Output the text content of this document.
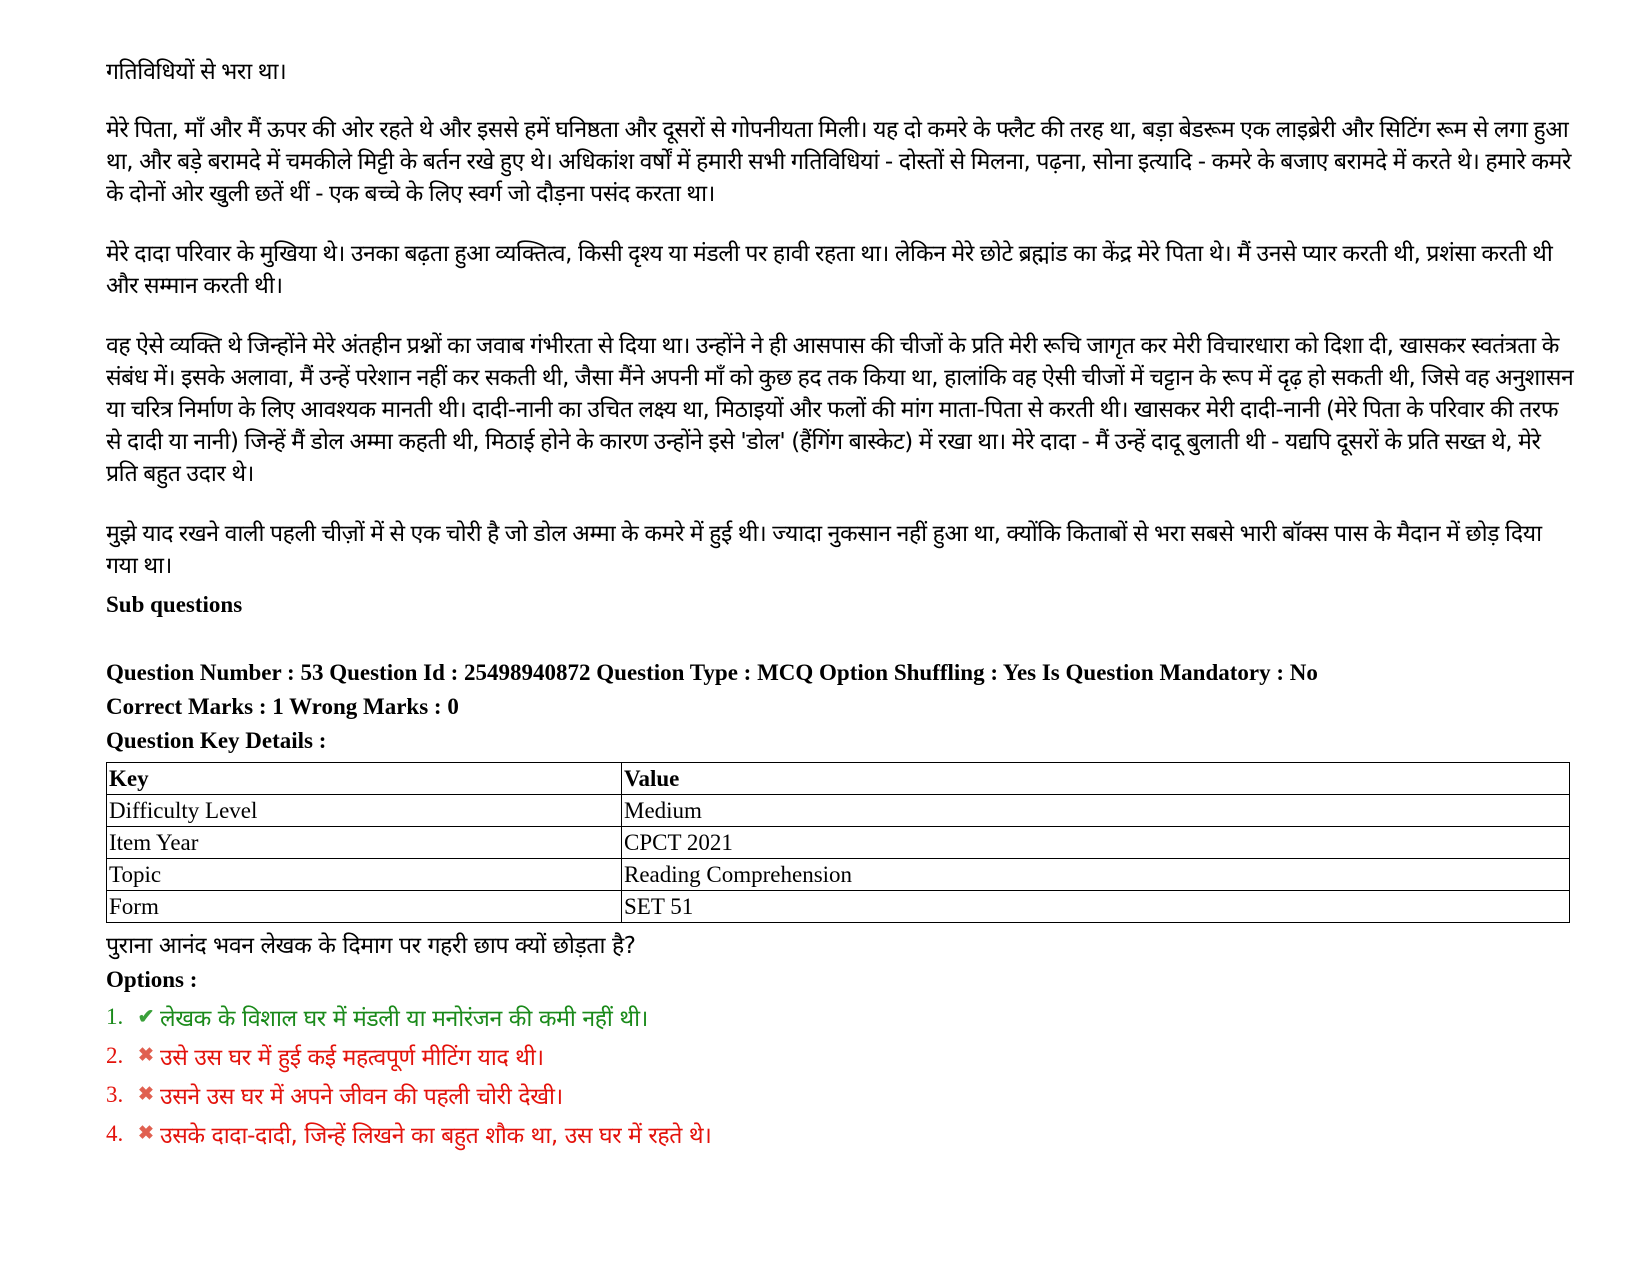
गतिविधियों से भरा था।

मेरे पिता, माँ और मैं ऊपर की ओर रहते थे और इससे हमें घनिष्ठता और दूसरों से गोपनीयता मिली। यह दो कमरे के फ्लैट की तरह था, बड़ा बेडरूम एक लाइब्रेरी और सिटिंग रूम से लगा हुआ था, और बड़े बरामदे में चमकीले मिट्टी के बर्तन रखे हुए थे। अधिकांश वर्षों में हमारी सभी गतिविधियां - दोस्तों से मिलना, पढ़ना, सोना इत्यादि - कमरे के बजाए बरामदे में करते थे। हमारे कमरे के दोनों ओर खुली छतें थीं - एक बच्चे के लिए स्वर्ग जो दौड़ना पसंद करता था।

मेरे दादा परिवार के मुखिया थे। उनका बढ़ता हुआ व्यक्तित्व, किसी दृश्य या मंडली पर हावी रहता था। लेकिन मेरे छोटे ब्रह्मांड का केंद्र मेरे पिता थे। मैं उनसे प्यार करती थी, प्रशंसा करती थी और सम्मान करती थी।

वह ऐसे व्यक्ति थे जिन्होंने मेरे अंतहीन प्रश्नों का जवाब गंभीरता से दिया था। उन्होंने ने ही आसपास की चीजों के प्रति मेरी रूचि जागृत कर मेरी विचारधारा को दिशा दी, खासकर स्वतंत्रता के संबंध में। इसके अलावा, मैं उन्हें परेशान नहीं कर सकती थी, जैसा मैंने अपनी माँ को कुछ हद तक किया था, हालांकि वह ऐसी चीजों में चट्टान के रूप में दृढ़ हो सकती थी, जिसे वह अनुशासन या चरित्र निर्माण के लिए आवश्यक मानती थी। दादी-नानी का उचित लक्ष्य था, मिठाइयों और फलों की मांग माता-पिता से करती थी। खासकर मेरी दादी-नानी (मेरे पिता के परिवार की तरफ से दादी या नानी) जिन्हें मैं डोल अम्मा कहती थी, मिठाई होने के कारण उन्होंने इसे 'डोल' (हैंगिंग बास्केट) में रखा था। मेरे दादा - मैं उन्हें दादू बुलाती थी - यद्यपि दूसरों के प्रति सख्त थे, मेरे प्रति बहुत उदार थे।

मुझे याद रखने वाली पहली चीज़ों में से एक चोरी है जो डोल अम्मा के कमरे में हुई थी। ज्यादा नुकसान नहीं हुआ था, क्योंकि किताबों से भरा सबसे भारी बॉक्स पास के मैदान में छोड़ दिया गया था।

Sub questions

Question Number : 53 Question Id : 25498940872 Question Type : MCQ Option Shuffling : Yes Is Question Mandatory : No

Correct Marks : 1 Wrong Marks : 0

Question Key Details :

Key	Value
Difficulty Level	Medium
Item Year	CPCT 2021
Topic	Reading Comprehension
Form	SET 51

पुराना आनंद भवन लेखक के दिमाग पर गहरी छाप क्यों छोड़ता है?

Options :

1. ✔ लेखक के विशाल घर में मंडली या मनोरंजन की कमी नहीं थी।
2. ✖ उसे उस घर में हुई कई महत्वपूर्ण मीटिंग याद थी।
3. ✖ उसने उस घर में अपने जीवन की पहली चोरी देखी।
4. ✖ उसके दादा-दादी, जिन्हें लिखने का बहुत शौक था, उस घर में रहते थे।
